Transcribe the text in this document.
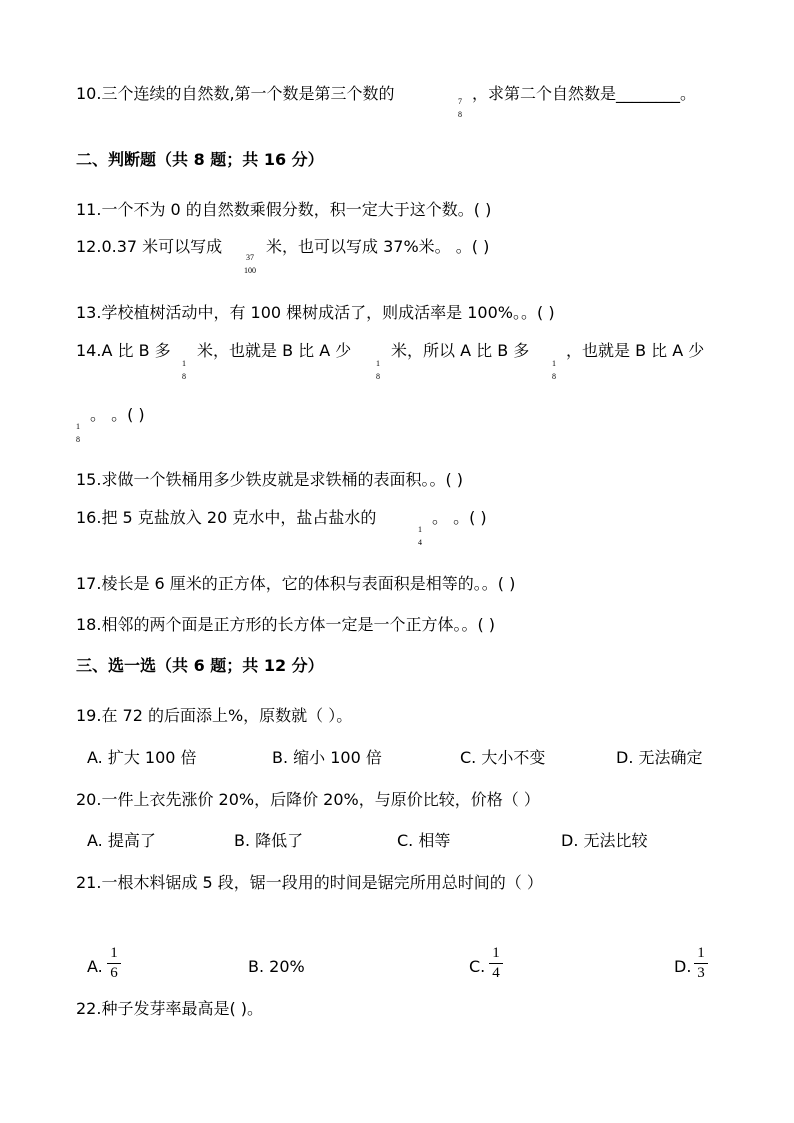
10.三个连续的自然数,第一个数是第三个数的	7
8
，求第二个自然数是________。
二、判断题（共 8 题；共 16 分）
11.一个不为 0 的自然数乘假分数，积一定大于这个数。( )
12.0.37 米可以写成
37
100
米，也可以写成 37%米。 。( )
13.学校植树活动中，有 100 棵树成活了，则成活率是 100%。。( )
14.A 比 B 多
1
8
米，也就是 B 比 A 少
1
8
米，所以 A 比 B 多
1
8
，也就是 B 比 A 少
1
8
。 。( )
15.求做一个铁桶用多少铁皮就是求铁桶的表面积。。( )
16.把 5 克盐放入 20 克水中，盐占盐水的
1
4
。 。( )
17.棱长是 6 厘米的正方体，它的体积与表面积是相等的。。( )
18.相邻的两个面是正方形的长方体一定是一个正方体。。( )
三、选一选（共 6 题；共 12 分）
19.在 72 的后面添上%，原数就（ ）。
A. 扩大 100 倍	B. 缩小 100 倍	C. 大小不变	D. 无法确定
20.一件上衣先涨价 20%，后降价 20%，与原价比较，价格（ ）
A. 提高了	B. 降低了	C. 相等	D. 无法比较
21.一根木料锯成 5 段，锯一段用的时间是锯完所用总时间的（ ）
A.
1
6	B. 20%	C.
1
4	D.
1
3
22.种子发芽率最高是( )。
